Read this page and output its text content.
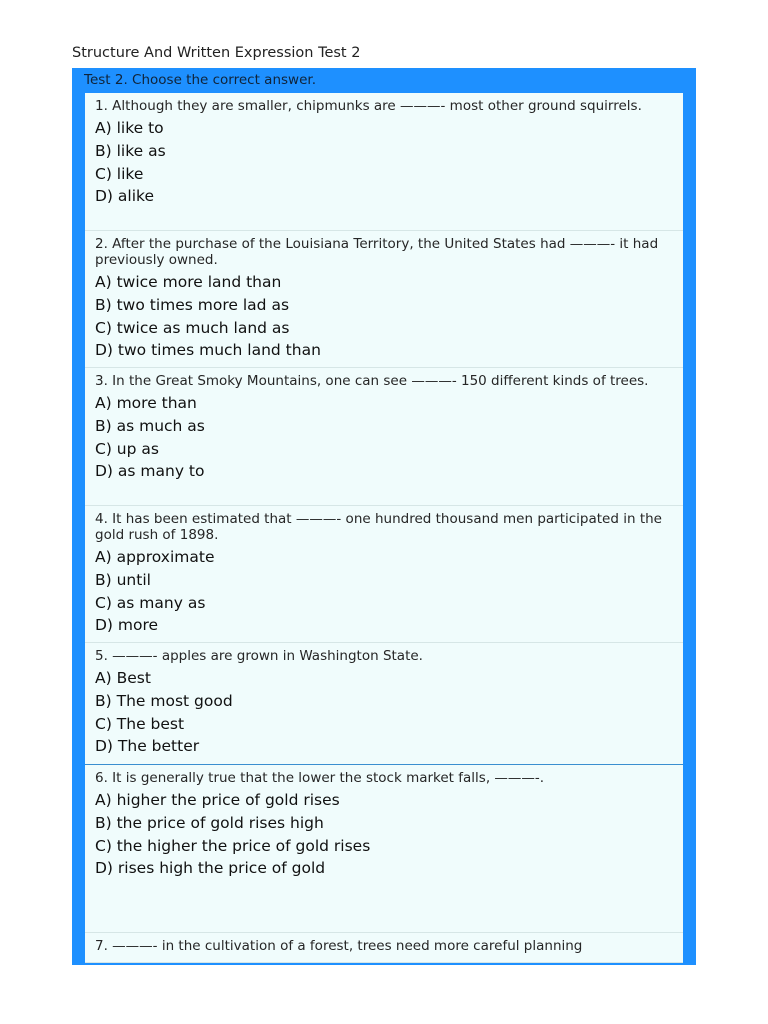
Structure And Written Expression Test 2
Test 2. Choose the correct answer.
1. Although they are smaller, chipmunks are ———- most other ground squirrels.
A) like to
B) like as
C) like
D) alike
2. After the purchase of the Louisiana Territory, the United States had ———- it had previously owned.
A) twice more land than
B) two times more lad as
C) twice as much land as
D) two times much land than
3. In the Great Smoky Mountains, one can see ———- 150 different kinds of trees.
A) more than
B) as much as
C) up as
D) as many to
4. It has been estimated that ———- one hundred thousand men participated in the gold rush of 1898.
A) approximate
B) until
C) as many as
D) more
5. ———- apples are grown in Washington State.
A) Best
B) The most good
C) The best
D) The better
6. It is generally true that the lower the stock market falls, ———-.
A) higher the price of gold rises
B) the price of gold rises high
C) the higher the price of gold rises
D) rises high the price of gold
7. ———- in the cultivation of a forest, trees need more careful planning
